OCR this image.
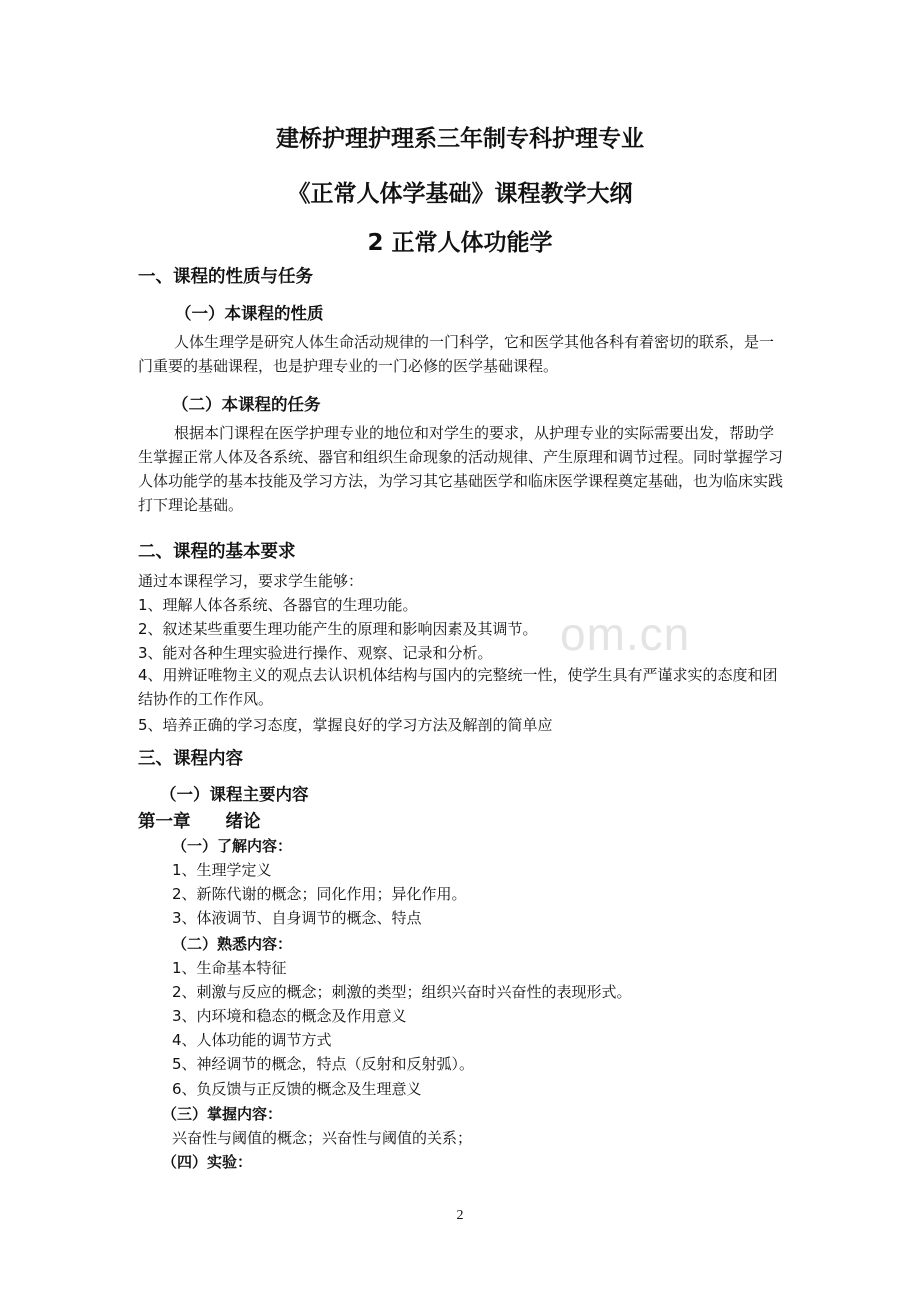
建桥护理护理系三年制专科护理专业
《正常人体学基础》课程教学大纲
2 正常人体功能学
一、课程的性质与任务
（一）本课程的性质
人体生理学是研究人体生命活动规律的一门科学，它和医学其他各科有着密切的联系，是一门重要的基础课程，也是护理专业的一门必修的医学基础课程。
（二）本课程的任务
根据本门课程在医学护理专业的地位和对学生的要求，从护理专业的实际需要出发，帮助学生掌握正常人体及各系统、器官和组织生命现象的活动规律、产生原理和调节过程。同时掌握学习人体功能学的基本技能及学习方法，为学习其它基础医学和临床医学课程奠定基础，也为临床实践打下理论基础。
二、课程的基本要求
通过本课程学习，要求学生能够：
1、理解人体各系统、各器官的生理功能。
2、叙述某些重要生理功能产生的原理和影响因素及其调节。
3、能对各种生理实验进行操作、观察、记录和分析。
4、用辨证唯物主义的观点去认识机体结构与国内的完整统一性，使学生具有严谨求实的态度和团结协作的工作作风。
5、培养正确的学习态度，掌握良好的学习方法及解剖的简单应
三、课程内容
（一）课程主要内容
第一章　　绪论
（一）了解内容：
1、生理学定义
2、新陈代谢的概念；同化作用；异化作用。
3、体液调节、自身调节的概念、特点
（二）熟悉内容：
1、生命基本特征
2、刺激与反应的概念；刺激的类型；组织兴奋时兴奋性的表现形式。
3、内环境和稳态的概念及作用意义
4、人体功能的调节方式
5、神经调节的概念，特点（反射和反射弧）。
6、负反馈与正反馈的概念及生理意义
（三）掌握内容：
兴奋性与阈值的概念；兴奋性与阈值的关系；
（四）实验：
om.cn
2
